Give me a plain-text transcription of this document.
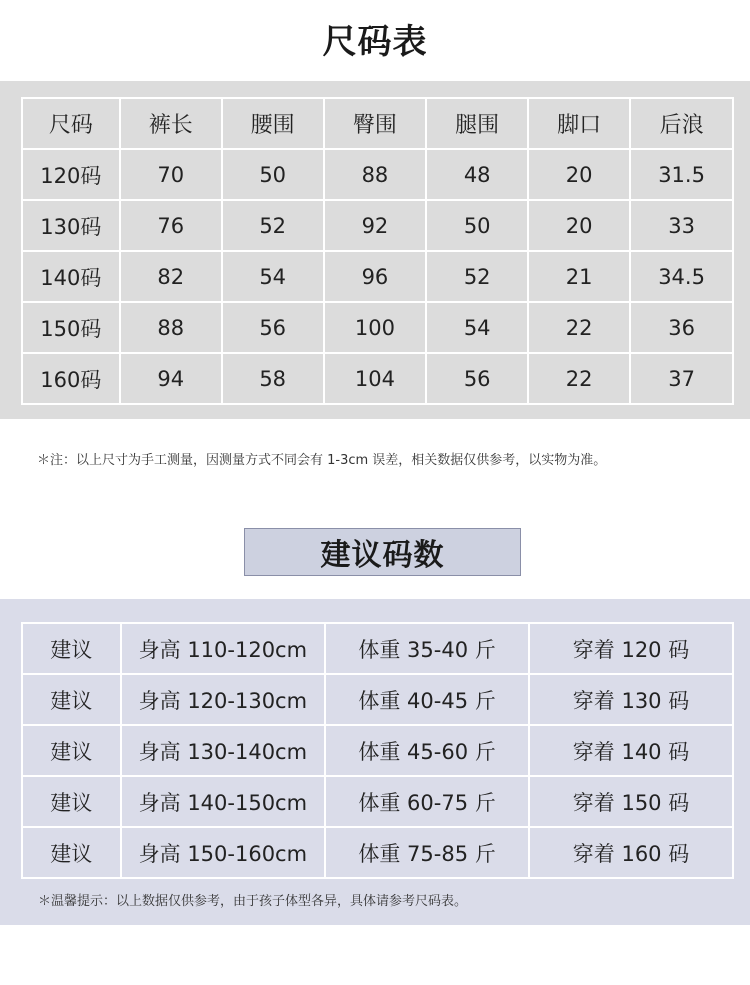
尺码表
尺码	裤长	腰围	臀围	腿围	脚口	后浪
120码	70	50	88	48	20	31.5
130码	76	52	92	50	20	33
140码	82	54	96	52	21	34.5
150码	88	56	100	54	22	36
160码	94	58	104	56	22	37
＊注：以上尺寸为手工测量，因测量方式不同会有 1-3cm 误差，相关数据仅供参考，以实物为准。
建议码数
建议	身高 110-120cm	体重 35-40 斤	穿着 120 码
建议	身高 120-130cm	体重 40-45 斤	穿着 130 码
建议	身高 130-140cm	体重 45-60 斤	穿着 140 码
建议	身高 140-150cm	体重 60-75 斤	穿着 150 码
建议	身高 150-160cm	体重 75-85 斤	穿着 160 码
＊温馨提示：以上数据仅供参考，由于孩子体型各异，具体请参考尺码表。
